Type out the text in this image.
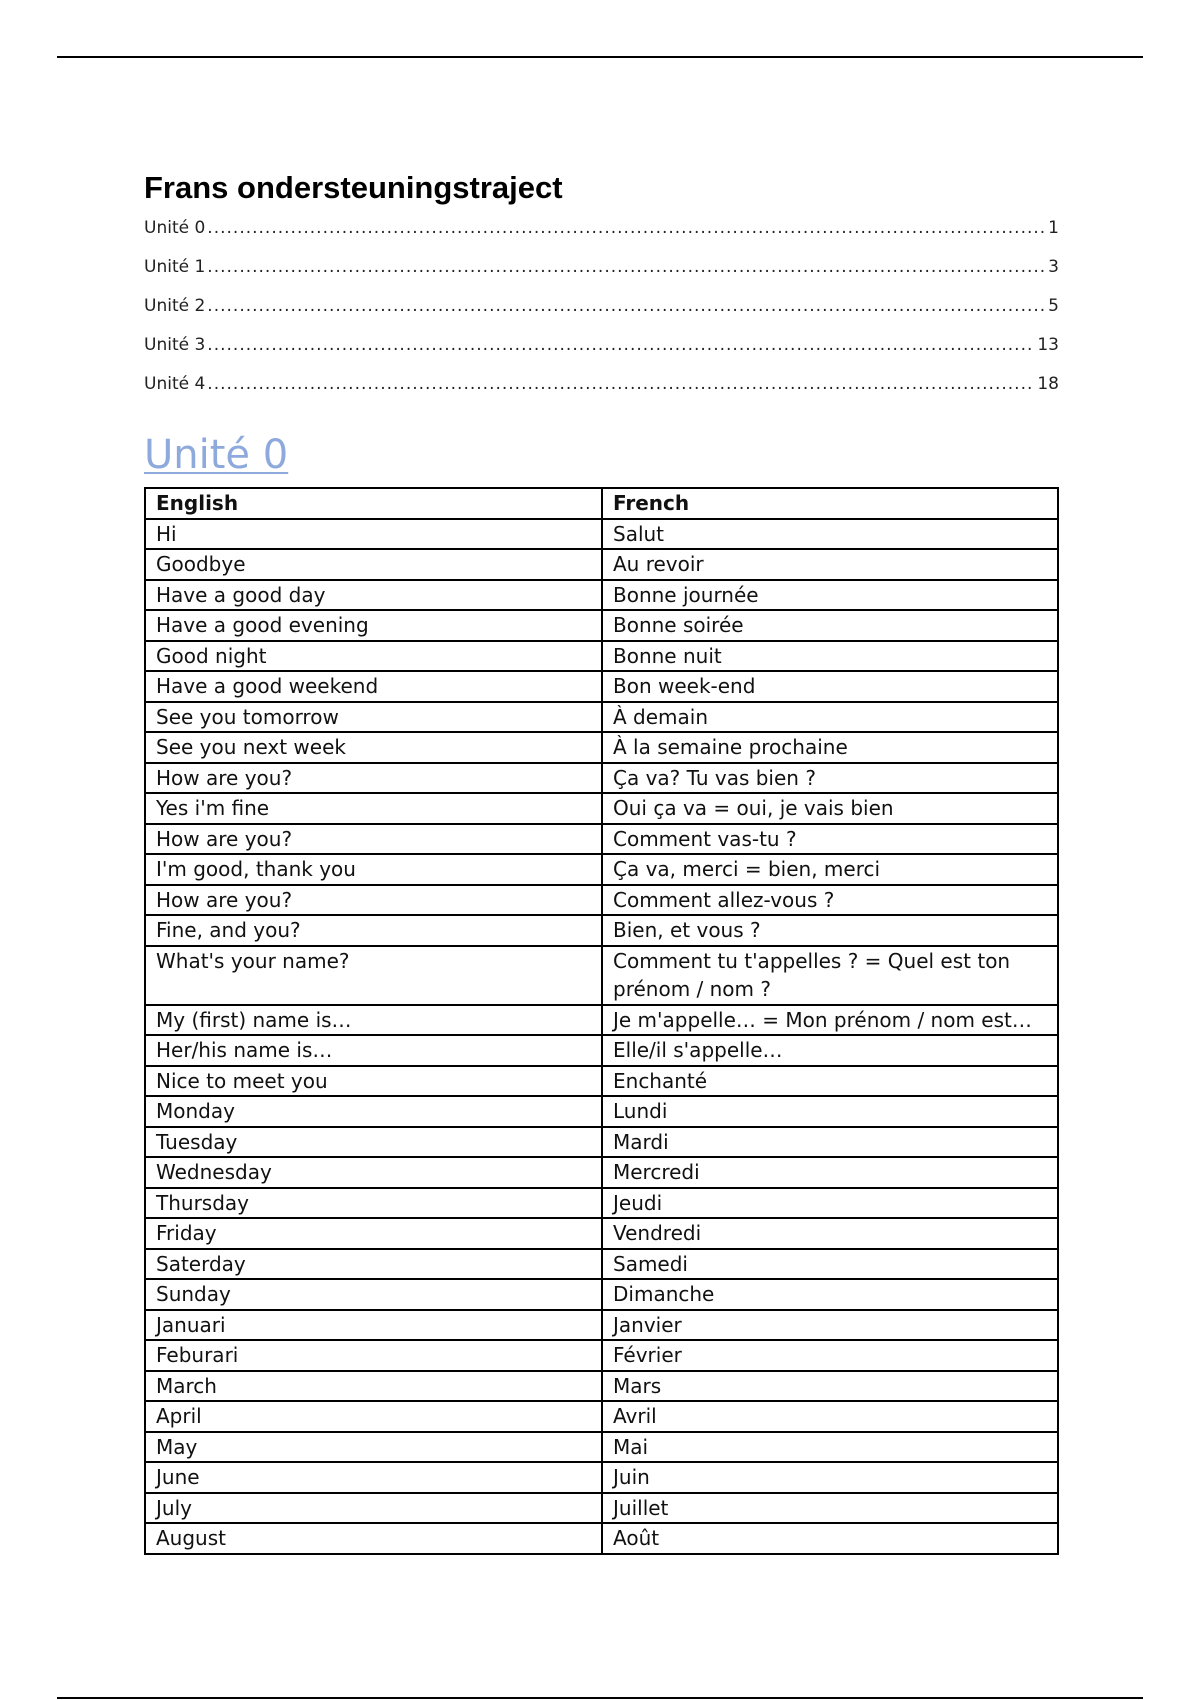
Frans ondersteuningstraject
Unité 0 .....	1
Unité 1 .....	3
Unité 2 .....	5
Unité 3 .....	13
Unité 4 .....	18
Unité 0
English	French
Hi	Salut
Goodbye	Au revoir
Have a good day	Bonne journée
Have a good evening	Bonne soirée
Good night	Bonne nuit
Have a good weekend	Bon week-end
See you tomorrow	À demain
See you next week	À la semaine prochaine
How are you?	Ça va? Tu vas bien ?
Yes i'm fine	Oui ça va = oui, je vais bien
How are you?	Comment vas-tu ?
I'm good, thank you	Ça va, merci = bien, merci
How are you?	Comment allez-vous ?
Fine, and you?	Bien, et vous ?
What's your name?	Comment tu t'appelles ? = Quel est ton prénom / nom ?
My (first) name is…	Je m'appelle… = Mon prénom / nom est…
Her/his name is…	Elle/il s'appelle…
Nice to meet you	Enchanté
Monday	Lundi
Tuesday	Mardi
Wednesday	Mercredi
Thursday	Jeudi
Friday	Vendredi
Saterday	Samedi
Sunday	Dimanche
Januari	Janvier
Feburari	Février
March	Mars
April	Avril
May	Mai
June	Juin
July	Juillet
August	Août
